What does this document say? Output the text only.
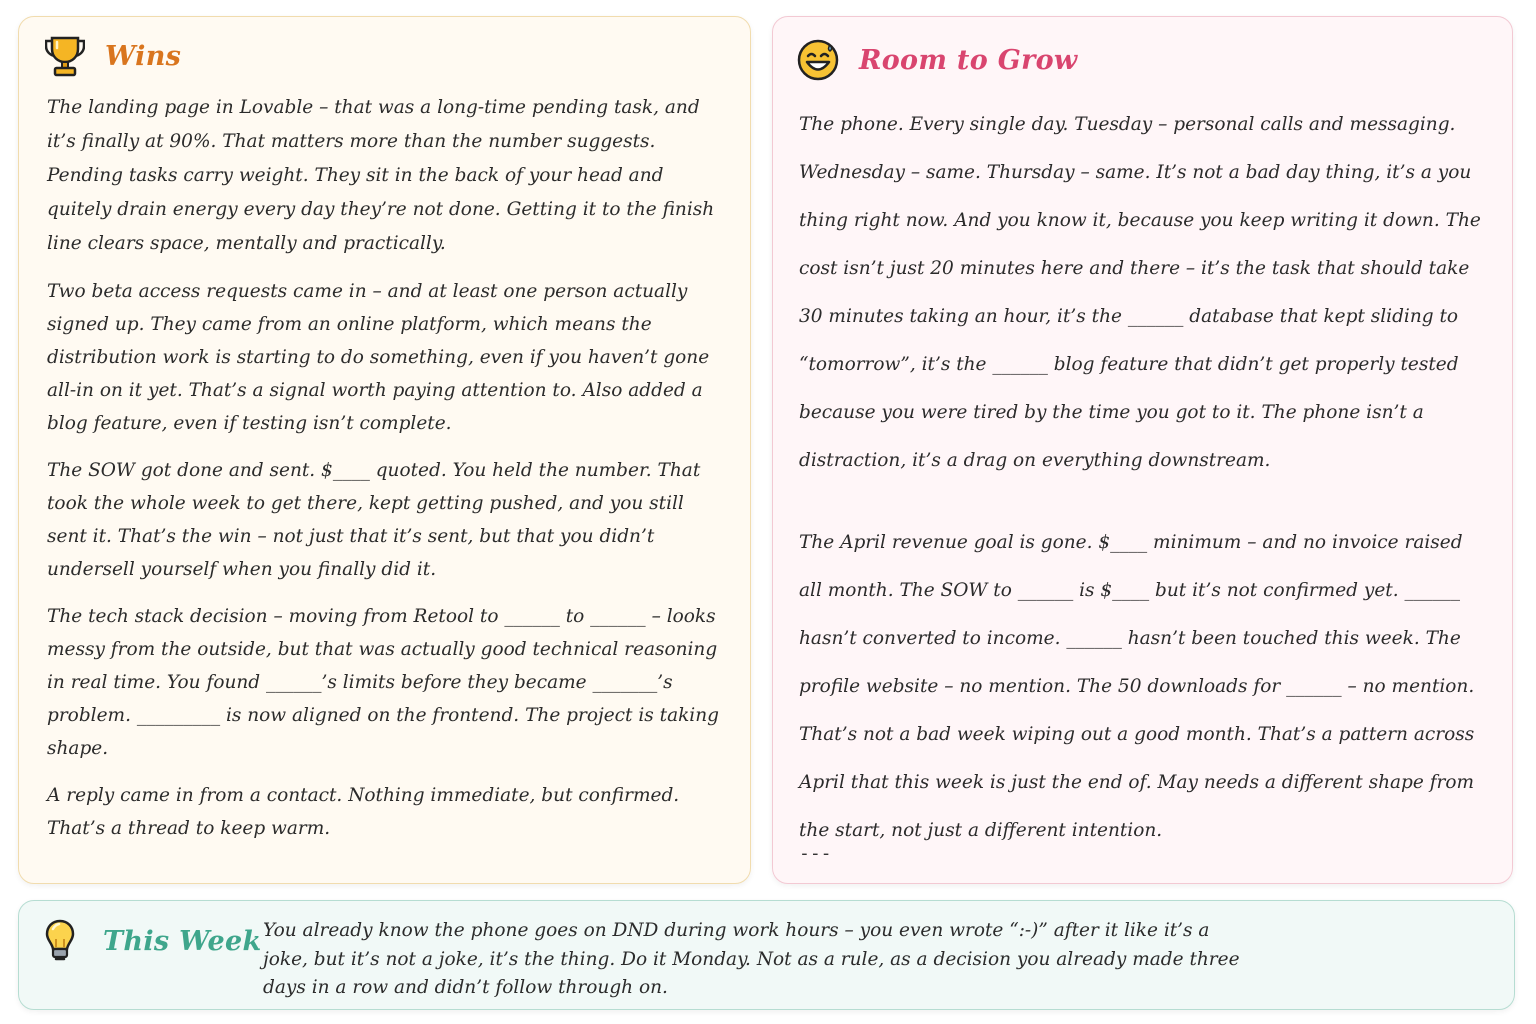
Wins

The landing page in Lovable – that was a long-time pending task, and it’s finally at 90%. That matters more than the number suggests. Pending tasks carry weight. They sit in the back of your head and quitely drain energy every day they’re not done. Getting it to the finish line clears space, mentally and practically.

Two beta access requests came in – and at least one person actually signed up. They came from an online platform, which means the distribution work is starting to do something, even if you haven’t gone all-in on it yet. That’s a signal worth paying attention to. Also added a blog feature, even if testing isn’t complete.

The SOW got done and sent. $____ quoted. You held the number. That took the whole week to get there, kept getting pushed, and you still sent it. That’s the win – not just that it’s sent, but that you didn’t undersell yourself when you finally did it.

The tech stack decision – moving from Retool to ______ to ______ – looks messy from the outside, but that was actually good technical reasoning in real time. You found ______’s limits before they became _______’s problem. _________ is now aligned on the frontend. The project is taking shape.

A reply came in from a contact. Nothing immediate, but confirmed. That’s a thread to keep warm.

Room to Grow

The phone. Every single day. Tuesday – personal calls and messaging. Wednesday – same. Thursday – same. It’s not a bad day thing, it’s a you thing right now. And you know it, because you keep writing it down. The cost isn’t just 20 minutes here and there – it’s the task that should take 30 minutes taking an hour, it’s the ______ database that kept sliding to “tomorrow”, it’s the ______ blog feature that didn’t get properly tested because you were tired by the time you got to it. The phone isn’t a distraction, it’s a drag on everything downstream.

The April revenue goal is gone. $____ minimum – and no invoice raised all month. The SOW to ______ is $____ but it’s not confirmed yet. ______ hasn’t converted to income. ______ hasn’t been touched this week. The profile website – no mention. The 50 downloads for ______ – no mention. That’s not a bad week wiping out a good month. That’s a pattern across April that this week is just the end of. May needs a different shape from the start, not just a different intention.

---
This Week You already know the phone goes on DND during work hours – you even wrote “:-)” after it like it’s a joke, but it’s not a joke, it’s the thing. Do it Monday. Not as a rule, as a decision you already made three days in a row and didn’t follow through on.
